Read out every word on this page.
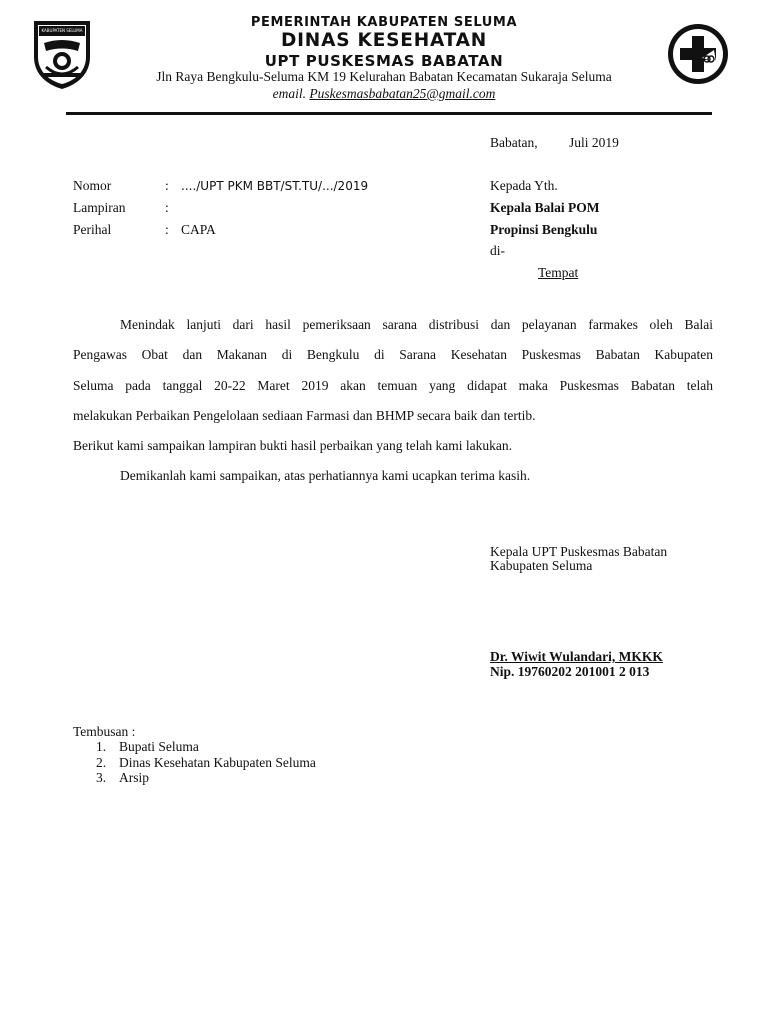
KABUPATEN SELUMA
PEMERINTAH KABUPATEN SELUMA
DINAS KESEHATAN
UPT PUSKESMAS BABATAN
Jln Raya Bengkulu-Seluma KM 19 Kelurahan Babatan Kecamatan Sukaraja Seluma
email. Puskesmasbabatan25@gmail.com
Babatan, Juli 2019
Nomor	: ..../UPT PKM BBT/ST.TU/.../2019
Lampiran	:
Perihal	: CAPA
Kepada Yth.
Kepala Balai POM
Propinsi Bengkulu
di-
Tempat
Menindak lanjuti dari hasil pemeriksaan sarana distribusi dan pelayanan farmakes oleh Balai
Pengawas Obat dan Makanan di Bengkulu di Sarana Kesehatan Puskesmas Babatan Kabupaten
Seluma pada tanggal 20-22 Maret 2019 akan temuan yang didapat maka Puskesmas Babatan telah
melakukan Perbaikan Pengelolaan sediaan Farmasi dan BHMP secara baik dan tertib.
Berikut kami sampaikan lampiran bukti hasil perbaikan yang telah kami lakukan.
Demikanlah kami sampaikan, atas perhatiannya kami ucapkan terima kasih.
Kepala UPT Puskesmas Babatan
Kabupaten Seluma
Dr. Wiwit Wulandari, MKKK
Nip. 19760202 201001 2 013
Tembusan :
1. Bupati Seluma
2. Dinas Kesehatan Kabupaten Seluma
3. Arsip
